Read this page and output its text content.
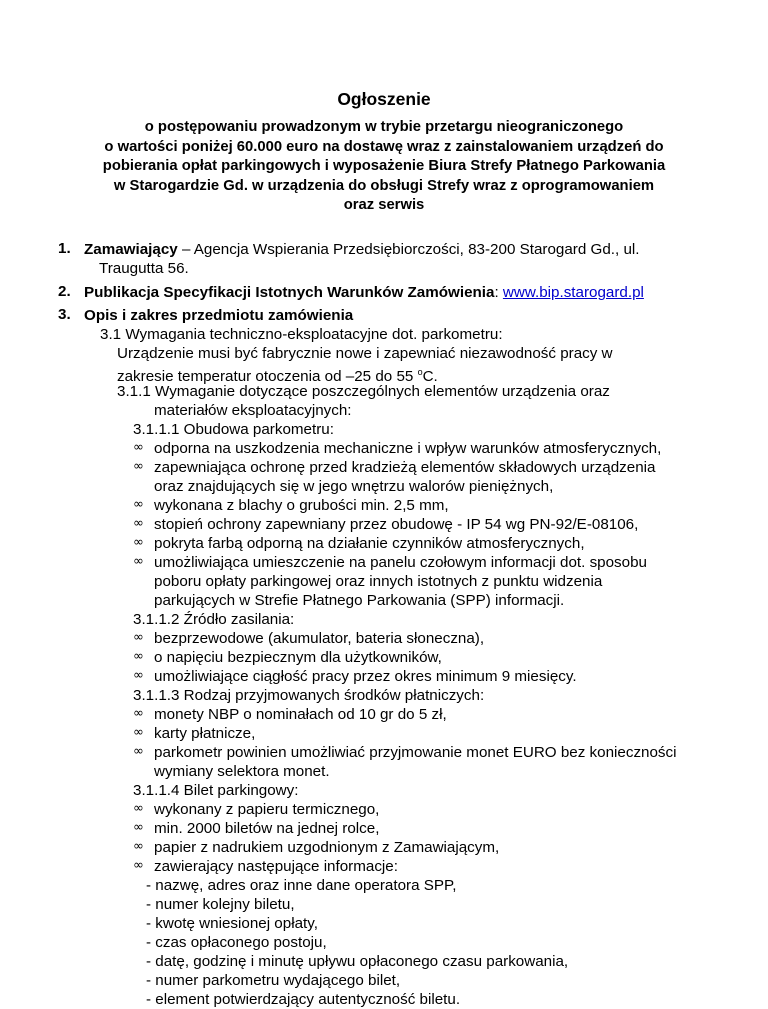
Ogłoszenie
o postępowaniu prowadzonym w trybie przetargu nieograniczonego
o wartości poniżej 60.000 euro na dostawę wraz z zainstalowaniem urządzeń do
pobierania opłat parkingowych i wyposażenie Biura Strefy Płatnego Parkowania
w Starogardzie Gd. w urządzenia do obsługi Strefy wraz z oprogramowaniem
oraz serwis
1. Zamawiający – Agencja Wspierania Przedsiębiorczości, 83-200 Starogard Gd., ul.
Traugutta 56.
2. Publikacja Specyfikacji Istotnych Warunków Zamówienia: www.bip.starogard.pl
3. Opis i zakres przedmiotu zamówienia
3.1 Wymagania techniczno-eksploatacyjne dot. parkometru:
Urządzenie musi być fabrycznie nowe i zapewniać niezawodność pracy w
zakresie temperatur otoczenia od –25 do 55 $^o$C.
3.1.1 Wymaganie dotyczące poszczególnych elementów urządzenia oraz
materiałów eksploatacyjnych:
3.1.1.1 Obudowa parkometru:
∞ odporna na uszkodzenia mechaniczne i wpływ warunków atmosferycznych,
∞ zapewniająca ochronę przed kradzieżą elementów składowych urządzenia
oraz znajdujących się w jego wnętrzu walorów pieniężnych,
∞ wykonana z blachy o grubości min. 2,5 mm,
∞ stopień ochrony zapewniany przez obudowę - IP 54 wg PN-92/E-08106,
∞ pokryta farbą odporną na działanie czynników atmosferycznych,
∞ umożliwiająca umieszczenie na panelu czołowym informacji dot. sposobu
poboru opłaty parkingowej oraz innych istotnych z punktu widzenia
parkujących w Strefie Płatnego Parkowania (SPP) informacji.
3.1.1.2 Źródło zasilania:
∞ bezprzewodowe (akumulator, bateria słoneczna),
∞ o napięciu bezpiecznym dla użytkowników,
∞ umożliwiające ciągłość pracy przez okres minimum 9 miesięcy.
3.1.1.3 Rodzaj przyjmowanych środków płatniczych:
∞ monety NBP o nominałach od 10 gr do 5 zł,
∞ karty płatnicze,
∞ parkometr powinien umożliwiać przyjmowanie monet EURO bez konieczności
wymiany selektora monet.
3.1.1.4 Bilet parkingowy:
∞ wykonany z papieru termicznego,
∞ min. 2000 biletów na jednej rolce,
∞ papier z nadrukiem uzgodnionym z Zamawiającym,
∞ zawierający następujące informacje:
- nazwę, adres oraz inne dane operatora SPP,
- numer kolejny biletu,
- kwotę wniesionej opłaty,
- czas opłaconego postoju,
- datę, godzinę i minutę upływu opłaconego czasu parkowania,
- numer parkometru wydającego bilet,
- element potwierdzający autentyczność biletu.
